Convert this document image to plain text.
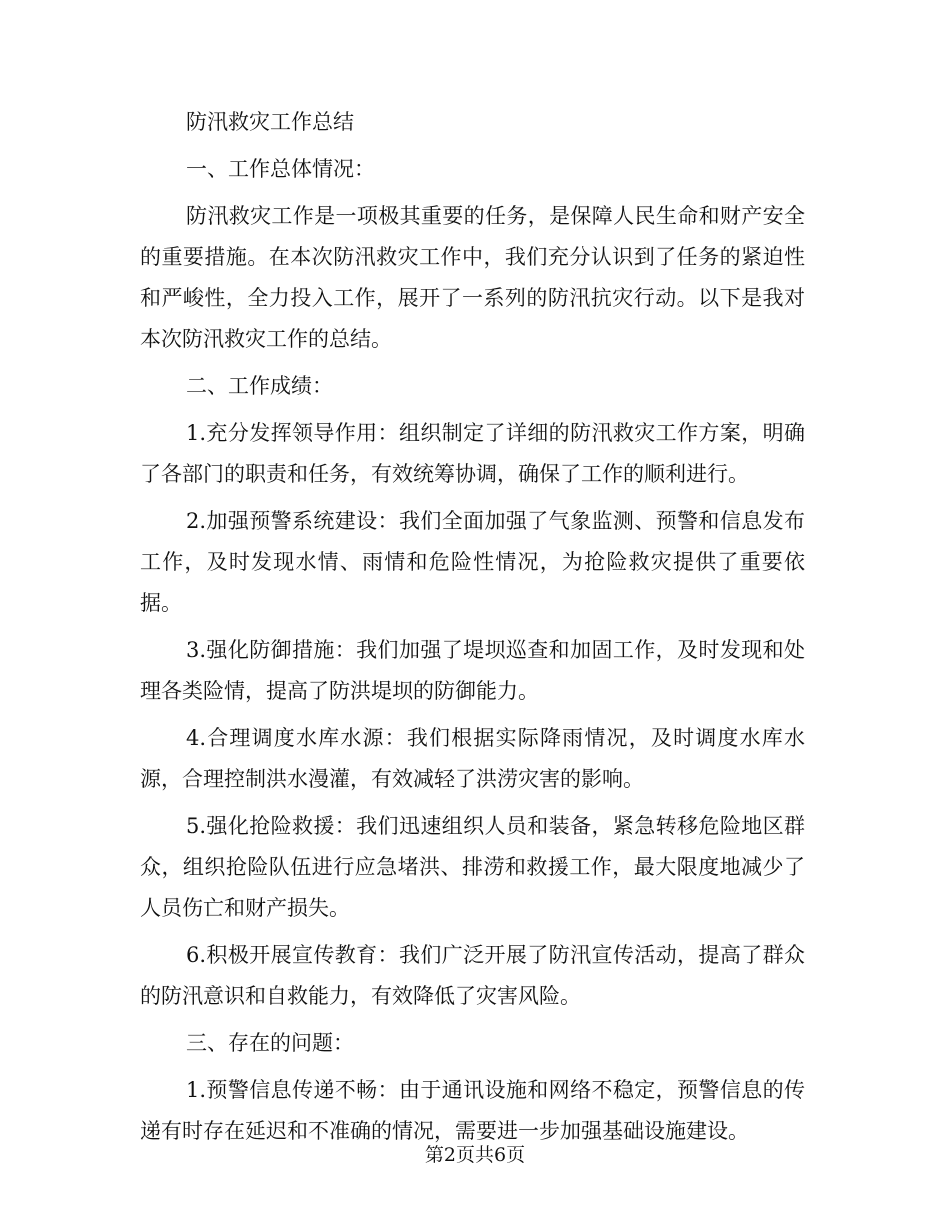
防汛救灾工作总结

一、工作总体情况：

防汛救灾工作是一项极其重要的任务，是保障人民生命和财产安全的重要措施。在本次防汛救灾工作中，我们充分认识到了任务的紧迫性和严峻性，全力投入工作，展开了一系列的防汛抗灾行动。以下是我对本次防汛救灾工作的总结。

二、工作成绩：

1.充分发挥领导作用：组织制定了详细的防汛救灾工作方案，明确了各部门的职责和任务，有效统筹协调，确保了工作的顺利进行。

2.加强预警系统建设：我们全面加强了气象监测、预警和信息发布工作，及时发现水情、雨情和危险性情况，为抢险救灾提供了重要依据。

3.强化防御措施：我们加强了堤坝巡查和加固工作，及时发现和处理各类险情，提高了防洪堤坝的防御能力。

4.合理调度水库水源：我们根据实际降雨情况，及时调度水库水源，合理控制洪水漫灌，有效减轻了洪涝灾害的影响。

5.强化抢险救援：我们迅速组织人员和装备，紧急转移危险地区群众，组织抢险队伍进行应急堵洪、排涝和救援工作，最大限度地减少了人员伤亡和财产损失。

6.积极开展宣传教育：我们广泛开展了防汛宣传活动，提高了群众的防汛意识和自救能力，有效降低了灾害风险。

三、存在的问题：

1.预警信息传递不畅：由于通讯设施和网络不稳定，预警信息的传递有时存在延迟和不准确的情况，需要进一步加强基础设施建设。

第2页共6页
